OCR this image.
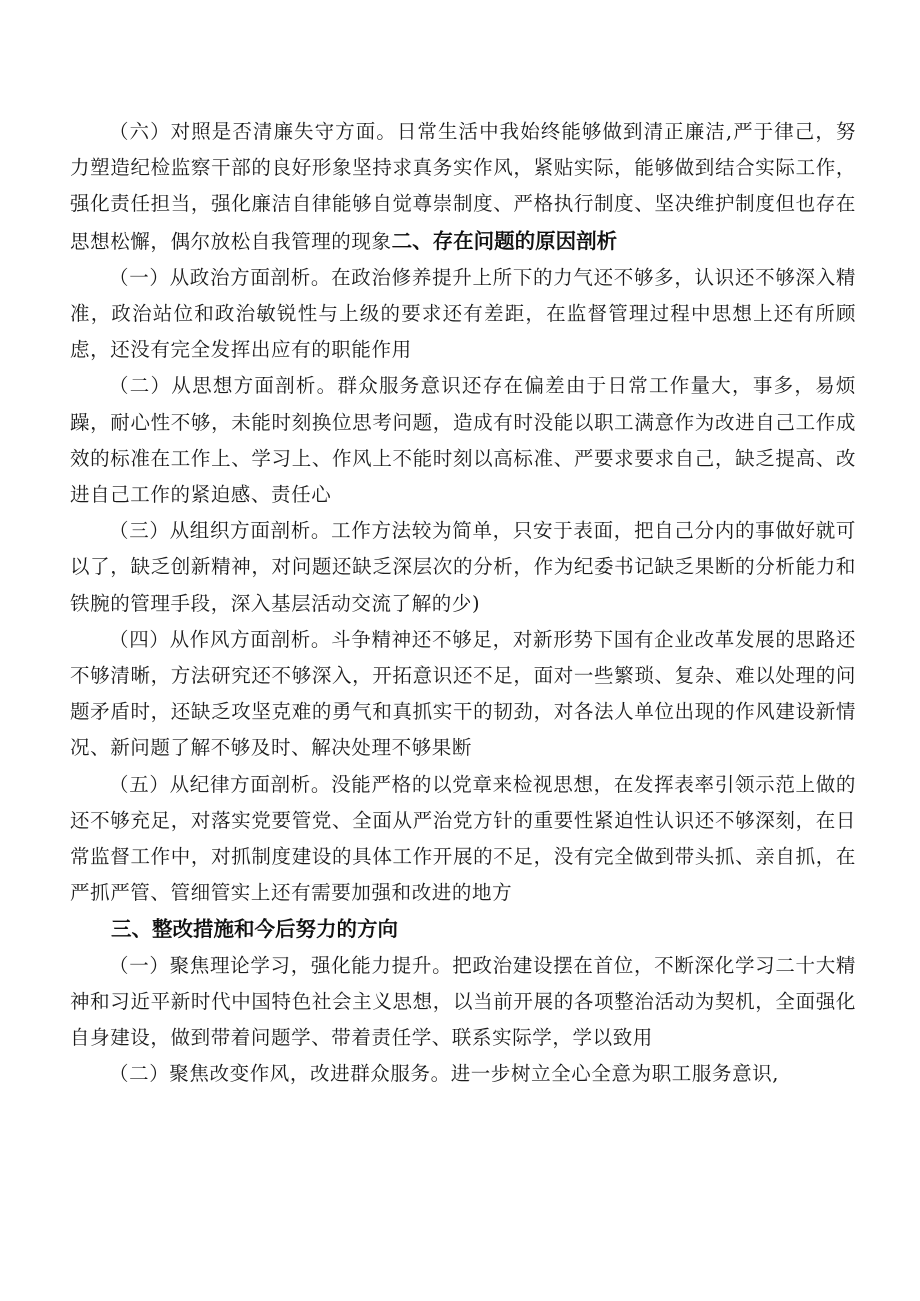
（六）对照是否清廉失守方面。日常生活中我始终能够做到清正廉洁,严于律己，努力塑造纪检监察干部的良好形象坚持求真务实作风，紧贴实际，能够做到结合实际工作，强化责任担当，强化廉洁自律能够自觉尊崇制度、严格执行制度、坚决维护制度但也存在思想松懈，偶尔放松自我管理的现象二、存在问题的原因剖析

（一）从政治方面剖析。在政治修养提升上所下的力气还不够多，认识还不够深入精准，政治站位和政治敏锐性与上级的要求还有差距，在监督管理过程中思想上还有所顾虑，还没有完全发挥出应有的职能作用

（二）从思想方面剖析。群众服务意识还存在偏差由于日常工作量大，事多，易烦躁，耐心性不够，未能时刻换位思考问题，造成有时没能以职工满意作为改进自己工作成效的标准在工作上、学习上、作风上不能时刻以高标准、严要求要求自己，缺乏提高、改进自己工作的紧迫感、责任心

（三）从组织方面剖析。工作方法较为简单，只安于表面，把自己分内的事做好就可以了，缺乏创新精神，对问题还缺乏深层次的分析，作为纪委书记缺乏果断的分析能力和铁腕的管理手段，深入基层活动交流了解的少)

（四）从作风方面剖析。斗争精神还不够足，对新形势下国有企业改革发展的思路还不够清晰，方法研究还不够深入，开拓意识还不足，面对一些繁琐、复杂、难以处理的问题矛盾时，还缺乏攻坚克难的勇气和真抓实干的韧劲，对各法人单位出现的作风建设新情况、新问题了解不够及时、解决处理不够果断

（五）从纪律方面剖析。没能严格的以党章来检视思想，在发挥表率引领示范上做的还不够充足，对落实党要管党、全面从严治党方针的重要性紧迫性认识还不够深刻，在日常监督工作中，对抓制度建设的具体工作开展的不足，没有完全做到带头抓、亲自抓，在严抓严管、管细管实上还有需要加强和改进的地方

三、整改措施和今后努力的方向

（一）聚焦理论学习，强化能力提升。把政治建设摆在首位，不断深化学习二十大精神和习近平新时代中国特色社会主义思想，以当前开展的各项整治活动为契机，全面强化自身建设，做到带着问题学、带着责任学、联系实际学，学以致用

（二）聚焦改变作风，改进群众服务。进一步树立全心全意为职工服务意识,
